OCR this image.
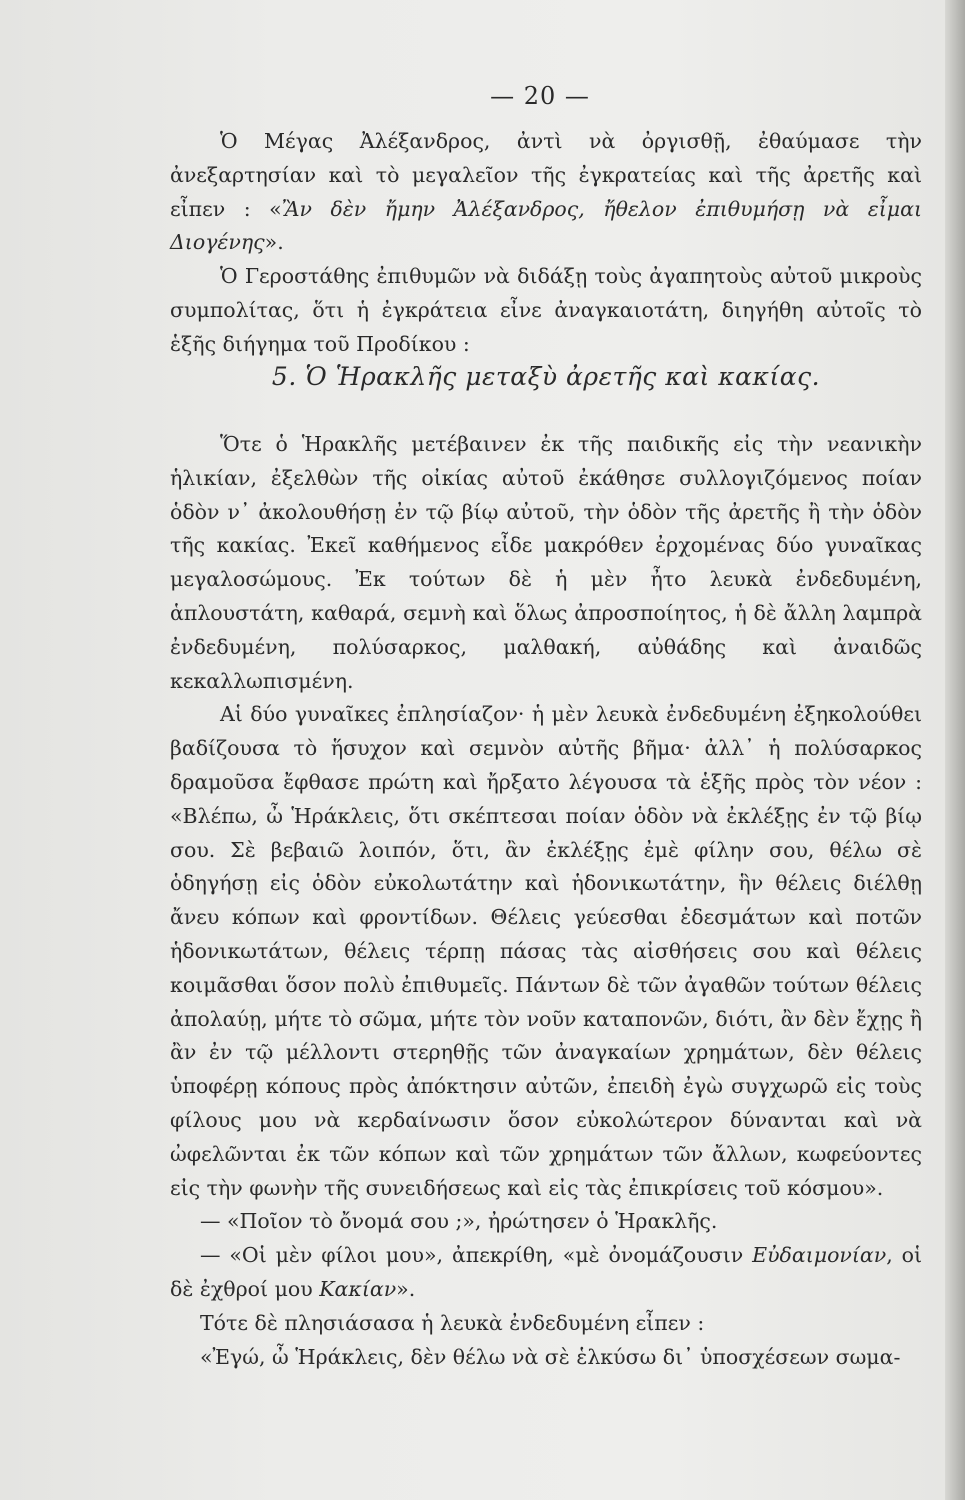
— 20 —

Ὁ Μέγας Ἀλέξανδρος, ἀντὶ νὰ ὀργισθῇ, ἐθαύμασε τὴν ἀνεξαρτησίαν καὶ τὸ μεγαλεῖον τῆς ἐγκρατείας καὶ τῆς ἀρετῆς καὶ εἶπεν : «Ἂν δὲν ἤμην Ἀλέξανδρος, ἤθελον ἐπιθυμήσῃ νὰ εἶμαι Διογένης».

Ὁ Γεροστάθης ἐπιθυμῶν νὰ διδάξῃ τοὺς ἀγαπητοὺς αὐτοῦ μικροὺς συμπολίτας, ὅτι ἡ ἐγκράτεια εἶνε ἀναγκαιοτάτη, διηγήθη αὐτοῖς τὸ ἑξῆς διήγημα τοῦ Προδίκου :

5. Ὁ Ἡρακλῆς μεταξὺ ἀρετῆς καὶ κακίας.

Ὅτε ὁ Ἡρακλῆς μετέβαινεν ἐκ τῆς παιδικῆς εἰς τὴν νεανικὴν ἡλικίαν, ἐξελθὼν τῆς οἰκίας αὐτοῦ ἐκάθησε συλλογιζόμενος ποίαν ὁδὸν ν᾿ ἀκολουθήσῃ ἐν τῷ βίῳ αὐτοῦ, τὴν ὁδὸν τῆς ἀρετῆς ἢ τὴν ὁδὸν τῆς κακίας. Ἐκεῖ καθήμενος εἶδε μακρόθεν ἐρχομένας δύο γυναῖκας μεγαλοσώμους. Ἐκ τούτων δὲ ἡ μὲν ἦτο λευκὰ ἐνδεδυμένη, ἁπλουστάτη, καθαρά, σεμνὴ καὶ ὅλως ἀπροσποίητος, ἡ δὲ ἄλλη λαμπρὰ ἐνδεδυμένη, πολύσαρκος, μαλθακή, αὐθάδης καὶ ἀναιδῶς κεκαλλωπισμένη.

Αἱ δύο γυναῖκες ἐπλησίαζον· ἡ μὲν λευκὰ ἐνδεδυμένη ἐξηκολούθει βαδίζουσα τὸ ἥσυχον καὶ σεμνὸν αὐτῆς βῆμα· ἀλλ᾿ ἡ πολύσαρκος δραμοῦσα ἔφθασε πρώτη καὶ ἤρξατο λέγουσα τὰ ἑξῆς πρὸς τὸν νέον : «Βλέπω, ὦ Ἡράκλεις, ὅτι σκέπτεσαι ποίαν ὁδὸν νὰ ἐκλέξῃς ἐν τῷ βίῳ σου. Σὲ βεβαιῶ λοιπόν, ὅτι, ἂν ἐκλέξῃς ἐμὲ φίλην σου, θέλω σὲ ὁδηγήσῃ εἰς ὁδὸν εὐκολωτάτην καὶ ἡδονικωτάτην, ἣν θέλεις διέλθῃ ἄνευ κόπων καὶ φροντίδων. Θέλεις γεύεσθαι ἐδεσμάτων καὶ ποτῶν ἡδονικωτάτων, θέλεις τέρπῃ πάσας τὰς αἰσθήσεις σου καὶ θέλεις κοιμᾶσθαι ὅσον πολὺ ἐπιθυμεῖς. Πάντων δὲ τῶν ἀγαθῶν τούτων θέλεις ἀπολαύῃ, μήτε τὸ σῶμα, μήτε τὸν νοῦν καταπονῶν, διότι, ἂν δὲν ἔχῃς ἢ ἂν ἐν τῷ μέλλοντι στερηθῇς τῶν ἀναγκαίων χρημάτων, δὲν θέλεις ὑποφέρῃ κόπους πρὸς ἀπόκτησιν αὐτῶν, ἐπειδὴ ἐγὼ συγχωρῶ εἰς τοὺς φίλους μου νὰ κερδαίνωσιν ὅσον εὐκολώτερον δύνανται καὶ νὰ ὠφελῶνται ἐκ τῶν κόπων καὶ τῶν χρημάτων τῶν ἄλλων, κωφεύοντες εἰς τὴν φωνὴν τῆς συνειδήσεως καὶ εἰς τὰς ἐπικρίσεις τοῦ κόσμου».

— «Ποῖον τὸ ὄνομά σου ;», ἠρώτησεν ὁ Ἡρακλῆς.

— «Οἱ μὲν φίλοι μου», ἀπεκρίθη, «μὲ ὀνομάζουσιν Εὐδαιμονίαν, οἱ δὲ ἐχθροί μου Κακίαν».

Τότε δὲ πλησιάσασα ἡ λευκὰ ἐνδεδυμένη εἶπεν :

«Ἐγώ, ὦ Ἡράκλεις, δὲν θέλω νὰ σὲ ἑλκύσω δι᾿ ὑποσχέσεων σωμα-
